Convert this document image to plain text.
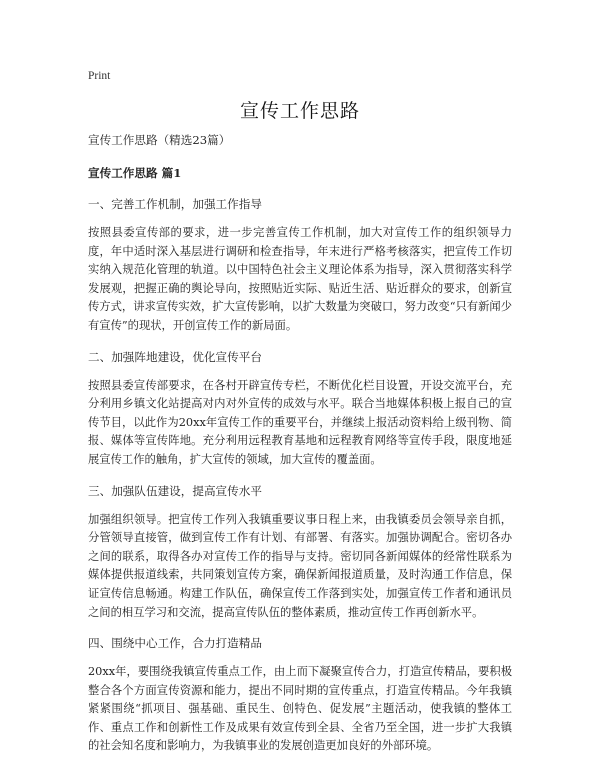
Print
宣传工作思路

宣传工作思路（精选23篇）

宣传工作思路 篇1

一、完善工作机制，加强工作指导

按照县委宣传部的要求，进一步完善宣传工作机制，加大对宣传工作的组织领导力度，年中适时深入基层进行调研和检查指导，年末进行严格考核落实，把宣传工作切实纳入规范化管理的轨道。以中国特色社会主义理论体系为指导，深入贯彻落实科学发展观，把握正确的舆论导向，按照贴近实际、贴近生活、贴近群众的要求，创新宣传方式，讲求宣传实效，扩大宣传影响，以扩大数量为突破口，努力改变“只有新闻少有宣传”的现状，开创宣传工作的新局面。

二、加强阵地建设，优化宣传平台

按照县委宣传部要求，在各村开辟宣传专栏，不断优化栏目设置，开设交流平台，充分利用乡镇文化站提高对内对外宣传的成效与水平。联合当地媒体积极上报自己的宣传节目，以此作为20xx年宣传工作的重要平台，并继续上报活动资料给上级刊物、简报、媒体等宣传阵地。充分利用远程教育基地和远程教育网络等宣传手段，限度地延展宣传工作的触角，扩大宣传的领域，加大宣传的覆盖面。

三、加强队伍建设，提高宣传水平

加强组织领导。把宣传工作列入我镇重要议事日程上来，由我镇委员会领导亲自抓，分管领导直接管，做到宣传工作有计划、有部署、有落实。加强协调配合。密切各办之间的联系，取得各办对宣传工作的指导与支持。密切同各新闻媒体的经常性联系为媒体提供报道线索，共同策划宣传方案，确保新闻报道质量，及时沟通工作信息，保证宣传信息畅通。构建工作队伍，确保宣传工作落到实处，加强宣传工作者和通讯员之间的相互学习和交流，提高宣传队伍的整体素质，推动宣传工作再创新水平。

四、围绕中心工作，合力打造精品

20xx年，要围绕我镇宣传重点工作，由上而下凝聚宣传合力，打造宣传精品，要积极整合各个方面宣传资源和能力，提出不同时期的宣传重点，打造宣传精品。今年我镇紧紧围绕“抓项目、强基础、重民生、创特色、促发展”主题活动，使我镇的整体工作、重点工作和创新性工作及成果有效宣传到全县、全省乃至全国，进一步扩大我镇的社会知名度和影响力，为我镇事业的发展创造更加良好的外部环境。
